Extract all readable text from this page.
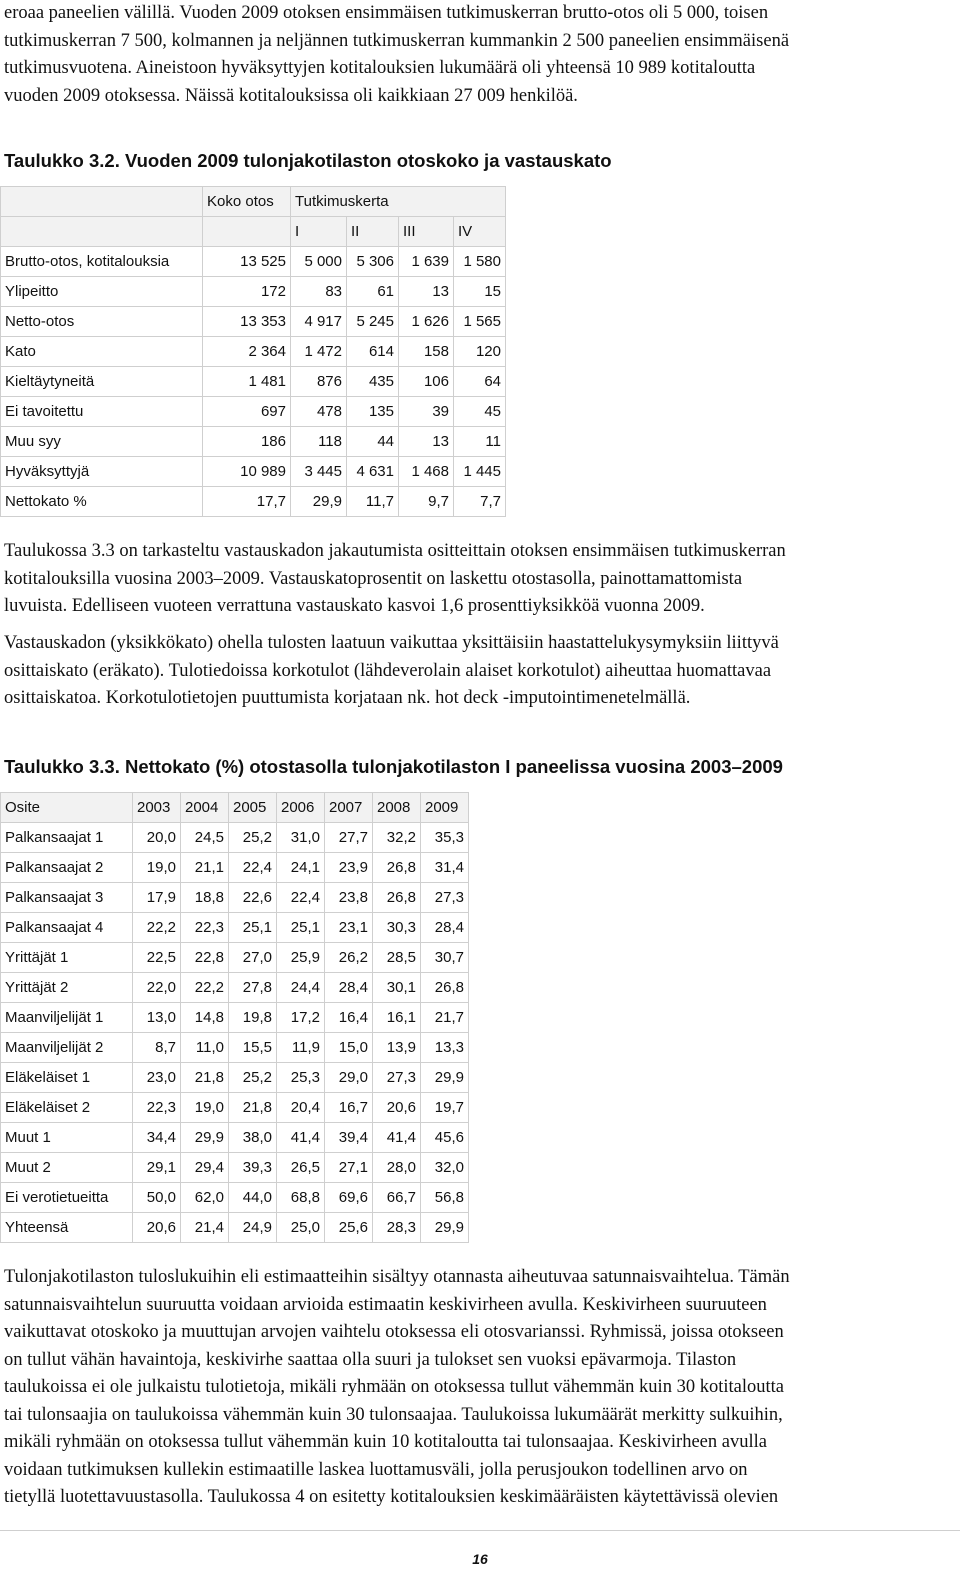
eroaa paneelien välillä. Vuoden 2009 otoksen ensimmäisen tutkimuskerran brutto-otos oli 5 000, toisen
tutkimuskerran 7 500, kolmannen ja neljännen tutkimuskerran kummankin 2 500 paneelien ensimmäisenä
tutkimusvuotena. Aineistoon hyväksyttyjen kotitalouksien lukumäärä oli yhteensä 10 989 kotitaloutta
vuoden 2009 otoksessa. Näissä kotitalouksissa oli kaikkiaan 27 009 henkilöä.
Taulukko 3.2. Vuoden 2009 tulonjakotilaston otoskoko ja vastauskato
	Koko otos	Tutkimuskerta			
		I	II	III	IV
Brutto-otos, kotitalouksia	13 525	5 000	5 306	1 639	1 580
Ylipeitto	172	83	61	13	15
Netto-otos	13 353	4 917	5 245	1 626	1 565
Kato	2 364	1 472	614	158	120
Kieltäytyneitä	1 481	876	435	106	64
Ei tavoitettu	697	478	135	39	45
Muu syy	186	118	44	13	11
Hyväksyttyjä	10 989	3 445	4 631	1 468	1 445
Nettokato %	17,7	29,9	11,7	9,7	7,7
Taulukossa 3.3 on tarkasteltu vastauskadon jakautumista ositteittain otoksen ensimmäisen tutkimuskerran
kotitalouksilla vuosina 2003–2009. Vastauskatoprosentit on laskettu otostasolla, painottamattomista
luvuista. Edelliseen vuoteen verrattuna vastauskato kasvoi 1,6 prosenttiyksikköä vuonna 2009.
Vastauskadon (yksikkökato) ohella tulosten laatuun vaikuttaa yksittäisiin haastattelukysymyksiin liittyvä
osittaiskato (eräkato). Tulotiedoissa korkotulot (lähdeverolain alaiset korkotulot) aiheuttaa huomattavaa
osittaiskatoa. Korkotulotietojen puuttumista korjataan nk. hot deck -imputointimenetelmällä.
Taulukko 3.3. Nettokato (%) otostasolla tulonjakotilaston I paneelissa vuosina 2003–2009
Osite	2003	2004	2005	2006	2007	2008	2009
Palkansaajat 1	20,0	24,5	25,2	31,0	27,7	32,2	35,3
Palkansaajat 2	19,0	21,1	22,4	24,1	23,9	26,8	31,4
Palkansaajat 3	17,9	18,8	22,6	22,4	23,8	26,8	27,3
Palkansaajat 4	22,2	22,3	25,1	25,1	23,1	30,3	28,4
Yrittäjät 1	22,5	22,8	27,0	25,9	26,2	28,5	30,7
Yrittäjät 2	22,0	22,2	27,8	24,4	28,4	30,1	26,8
Maanviljelijät 1	13,0	14,8	19,8	17,2	16,4	16,1	21,7
Maanviljelijät 2	8,7	11,0	15,5	11,9	15,0	13,9	13,3
Eläkeläiset 1	23,0	21,8	25,2	25,3	29,0	27,3	29,9
Eläkeläiset 2	22,3	19,0	21,8	20,4	16,7	20,6	19,7
Muut 1	34,4	29,9	38,0	41,4	39,4	41,4	45,6
Muut 2	29,1	29,4	39,3	26,5	27,1	28,0	32,0
Ei verotietueitta	50,0	62,0	44,0	68,8	69,6	66,7	56,8
Yhteensä	20,6	21,4	24,9	25,0	25,6	28,3	29,9
Tulonjakotilaston tuloslukuihin eli estimaatteihin sisältyy otannasta aiheutuvaa satunnaisvaihtelua. Tämän
satunnaisvaihtelun suuruutta voidaan arvioida estimaatin keskivirheen avulla. Keskivirheen suuruuteen
vaikuttavat otoskoko ja muuttujan arvojen vaihtelu otoksessa eli otosvarianssi. Ryhmissä, joissa otokseen
on tullut vähän havaintoja, keskivirhe saattaa olla suuri ja tulokset sen vuoksi epävarmoja. Tilaston
taulukoissa ei ole julkaistu tulotietoja, mikäli ryhmään on otoksessa tullut vähemmän kuin 30 kotitaloutta
tai tulonsaajia on taulukoissa vähemmän kuin 30 tulonsaajaa. Taulukoissa lukumäärät merkitty sulkuihin,
mikäli ryhmään on otoksessa tullut vähemmän kuin 10 kotitaloutta tai tulonsaajaa. Keskivirheen avulla
voidaan tutkimuksen kullekin estimaatille laskea luottamusväli, jolla perusjoukon todellinen arvo on
tietyllä luotettavuustasolla. Taulukossa 4 on esitetty kotitalouksien keskimääräisten käytettävissä olevien
16
